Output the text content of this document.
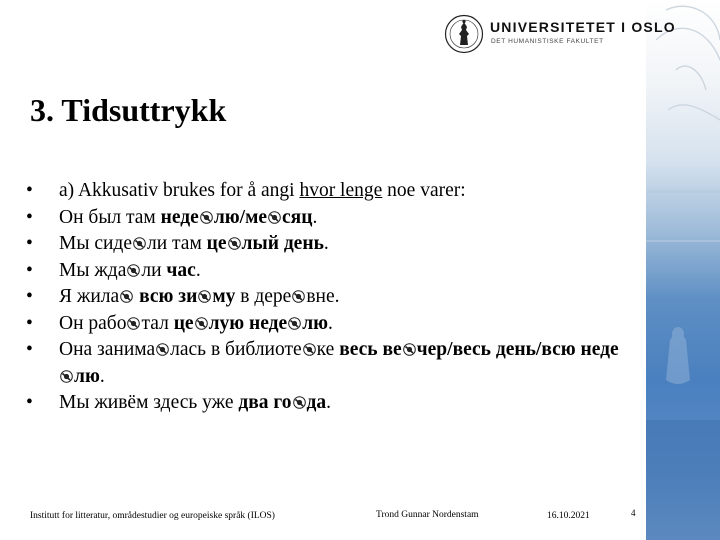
UNIVERSITETET I OSLO
DET HUMANISTISKE FAKULTET
3. Tidsuttrykk
•	a) Akkusativ brukes for å angi hvor lenge noe varer:
•	Он был там неде лю/ме сяц.
•	Мы сиде ли там це лый день.
•	Мы жда ли час.
•	Я жила всю зи му в дере вне.
•	Он рабо тал це лую неде лю.
•	Она занима лась в библиоте ке весь ве чер/весь день/всю неделю.
•	Мы живём здесь уже два го да.
Institutt for litteratur, områdestudier og europeiske språk (ILOS)	Trond Gunnar Nordenstam	16.10.2021	4
